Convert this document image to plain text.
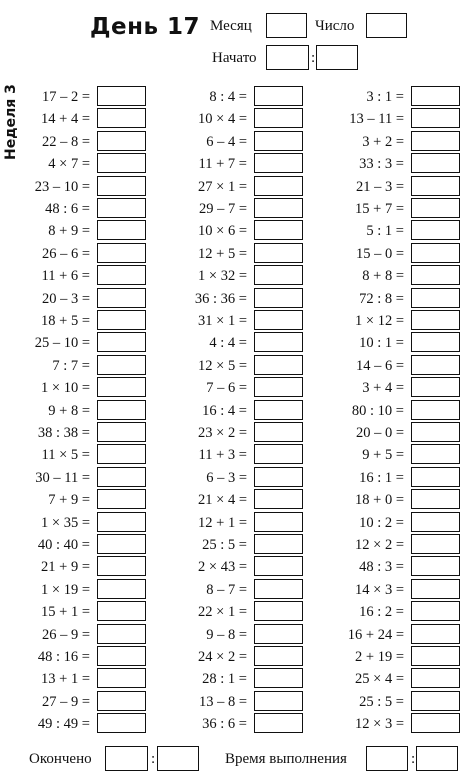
День 17 Месяц	Число
Начато	:
Неделя 3 17 – 2 =
14 + 4 =
22 – 8 =
4 × 7 =
23 – 10 =
48 : 6 =
8 + 9 =
26 – 6 =
11 + 6 =
20 – 3 =
18 + 5 =
25 – 10 =
7 : 7 =
1 × 10 =
9 + 8 =
38 : 38 =
11 × 5 =
30 – 11 =
7 + 9 =
1 × 35 =
40 : 40 =
21 + 9 =
1 × 19 =
15 + 1 =
26 – 9 =
48 : 16 =
13 + 1 =
27 – 9 =
49 : 49 =
8 : 4 =
10 × 4 =
6 – 4 =
11 + 7 =
27 × 1 =
29 – 7 =
10 × 6 =
12 + 5 =
1 × 32 =
36 : 36 =
31 × 1 =
4 : 4 =
12 × 5 =
7 – 6 =
16 : 4 =
23 × 2 =
11 + 3 =
6 – 3 =
21 × 4 =
12 + 1 =
25 : 5 =
2 × 43 =
8 – 7 =
22 × 1 =
9 – 8 =
24 × 2 =
28 : 1 =
13 – 8 =
36 : 6 =
3 : 1 =
13 – 11 =
3 + 2 =
33 : 3 =
21 – 3 =
15 + 7 =
5 : 1 =
15 – 0 =
8 + 8 =
72 : 8 =
1 × 12 =
10 : 1 =
14 – 6 =
3 + 4 =
80 : 10 =
20 – 0 =
9 + 5 =
16 : 1 =
18 + 0 =
10 : 2 =
12 × 2 =
48 : 3 =
14 × 3 =
16 : 2 =
16 + 24 =
2 + 19 =
25 × 4 =
25 : 5 =
12 × 3 =
Окончено	:	Время выполнения	:
